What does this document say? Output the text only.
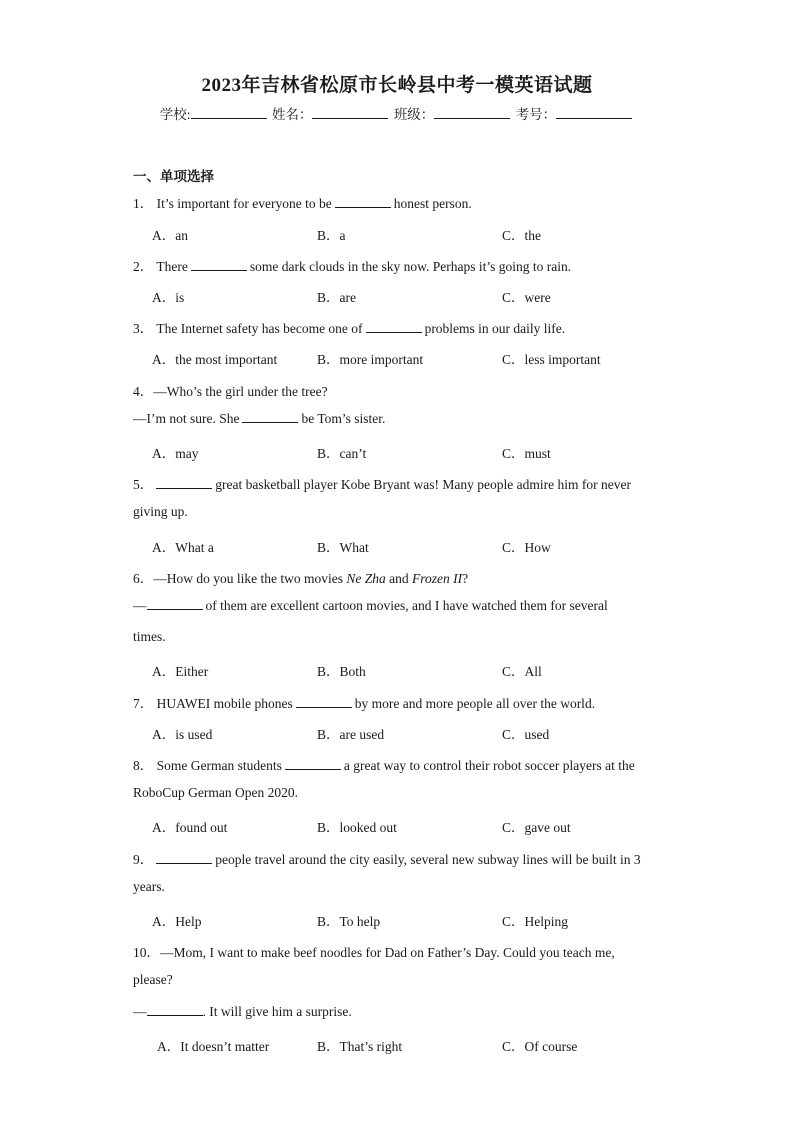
2023年吉林省松原市长岭县中考一模英语试题
学校:	姓名：	班级：	考号：
一、单项选择
1． It’s important for everyone to be	honest person.
A．an	B．a	C．the
2． There	some dark clouds in the sky now. Perhaps it’s going to rain.
A．is	B．are	C．were
3． The Internet safety has become one of	problems in our daily life.
A．the most important	B．more important	C．less important
4．—Who’s the girl under the tree?
—I’m not sure. She	be Tom’s sister.
A．may	B．can’t	C．must
5．	great basketball player Kobe Bryant was! Many people admire him for never
giving up.
A．What a	B．What	C．How
6．—How do you like the two movies Ne Zha and Frozen II?
—	of them are excellent cartoon movies, and I have watched them for several
times.
A．Either	B．Both	C．All
7． HUAWEI mobile phones	by more and more people all over the world.
A．is used	B．are used	C．used
8． Some German students	a great way to control their robot soccer players at the
RoboCup German Open 2020.
A．found out	B．looked out	C．gave out
9．	people travel around the city easily, several new subway lines will be built in 3
years.
A．Help	B．To help	C．Helping
10．—Mom, I want to make beef noodles for Dad on Father’s Day. Could you teach me,
please?
—	. It will give him a surprise.
A．It doesn’t matter	B．That’s right	C．Of course
